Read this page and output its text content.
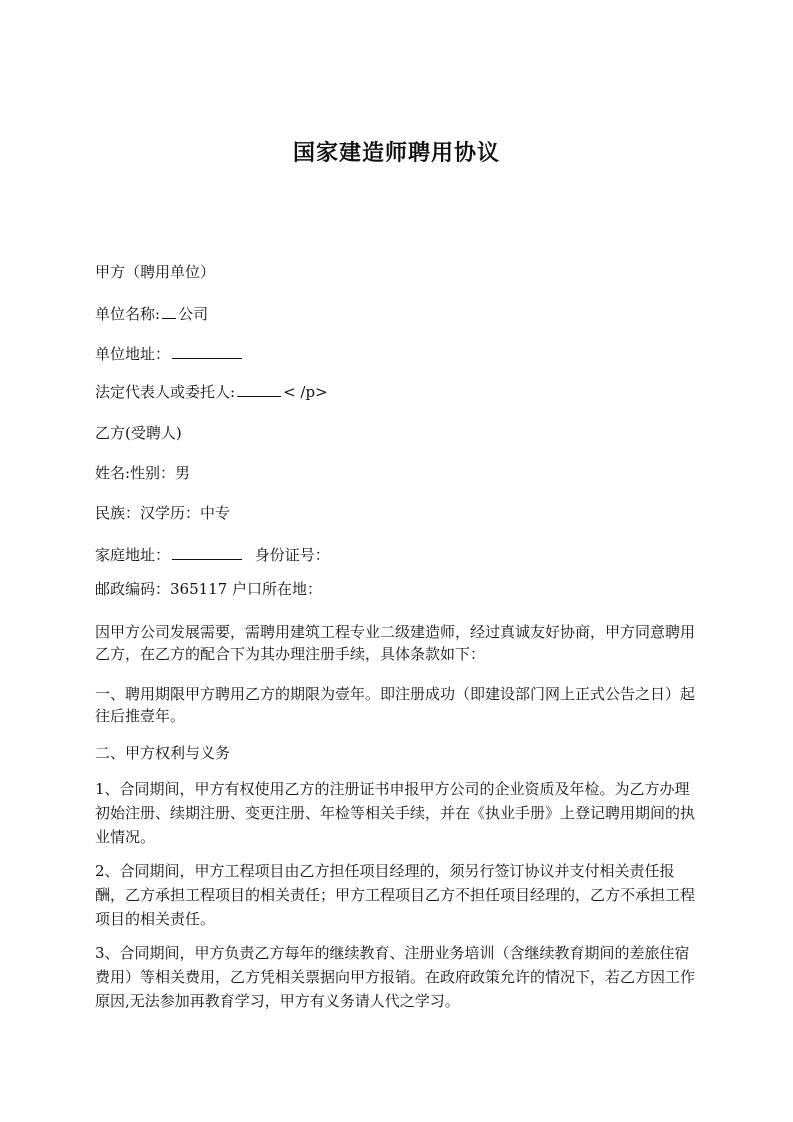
国家建造师聘用协议
甲方（聘用单位）
单位名称: 公司
单位地址：
法定代表人或委托人:	< /p>
乙方(受聘人)
姓名:性别：男
民族：汉学历：中专
家庭地址：	身份证号：
邮政编码：365117 户口所在地：
因甲方公司发展需要，需聘用建筑工程专业二级建造师，经过真诚友好协商，甲方同意聘用乙方，在乙方的配合下为其办理注册手续，具体条款如下：
一、聘用期限甲方聘用乙方的期限为壹年。即注册成功（即建设部门网上正式公告之日）起往后推壹年。
二、甲方权利与义务
1、合同期间，甲方有权使用乙方的注册证书申报甲方公司的企业资质及年检。为乙方办理初始注册、续期注册、变更注册、年检等相关手续，并在《执业手册》上登记聘用期间的执业情况。
2、合同期间，甲方工程项目由乙方担任项目经理的，须另行签订协议并支付相关责任报酬，乙方承担工程项目的相关责任；甲方工程项目乙方不担任项目经理的，乙方不承担工程项目的相关责任。
3、合同期间，甲方负责乙方每年的继续教育、注册业务培训（含继续教育期间的差旅住宿费用）等相关费用，乙方凭相关票据向甲方报销。在政府政策允许的情况下，若乙方因工作原因,无法参加再教育学习，甲方有义务请人代之学习。
